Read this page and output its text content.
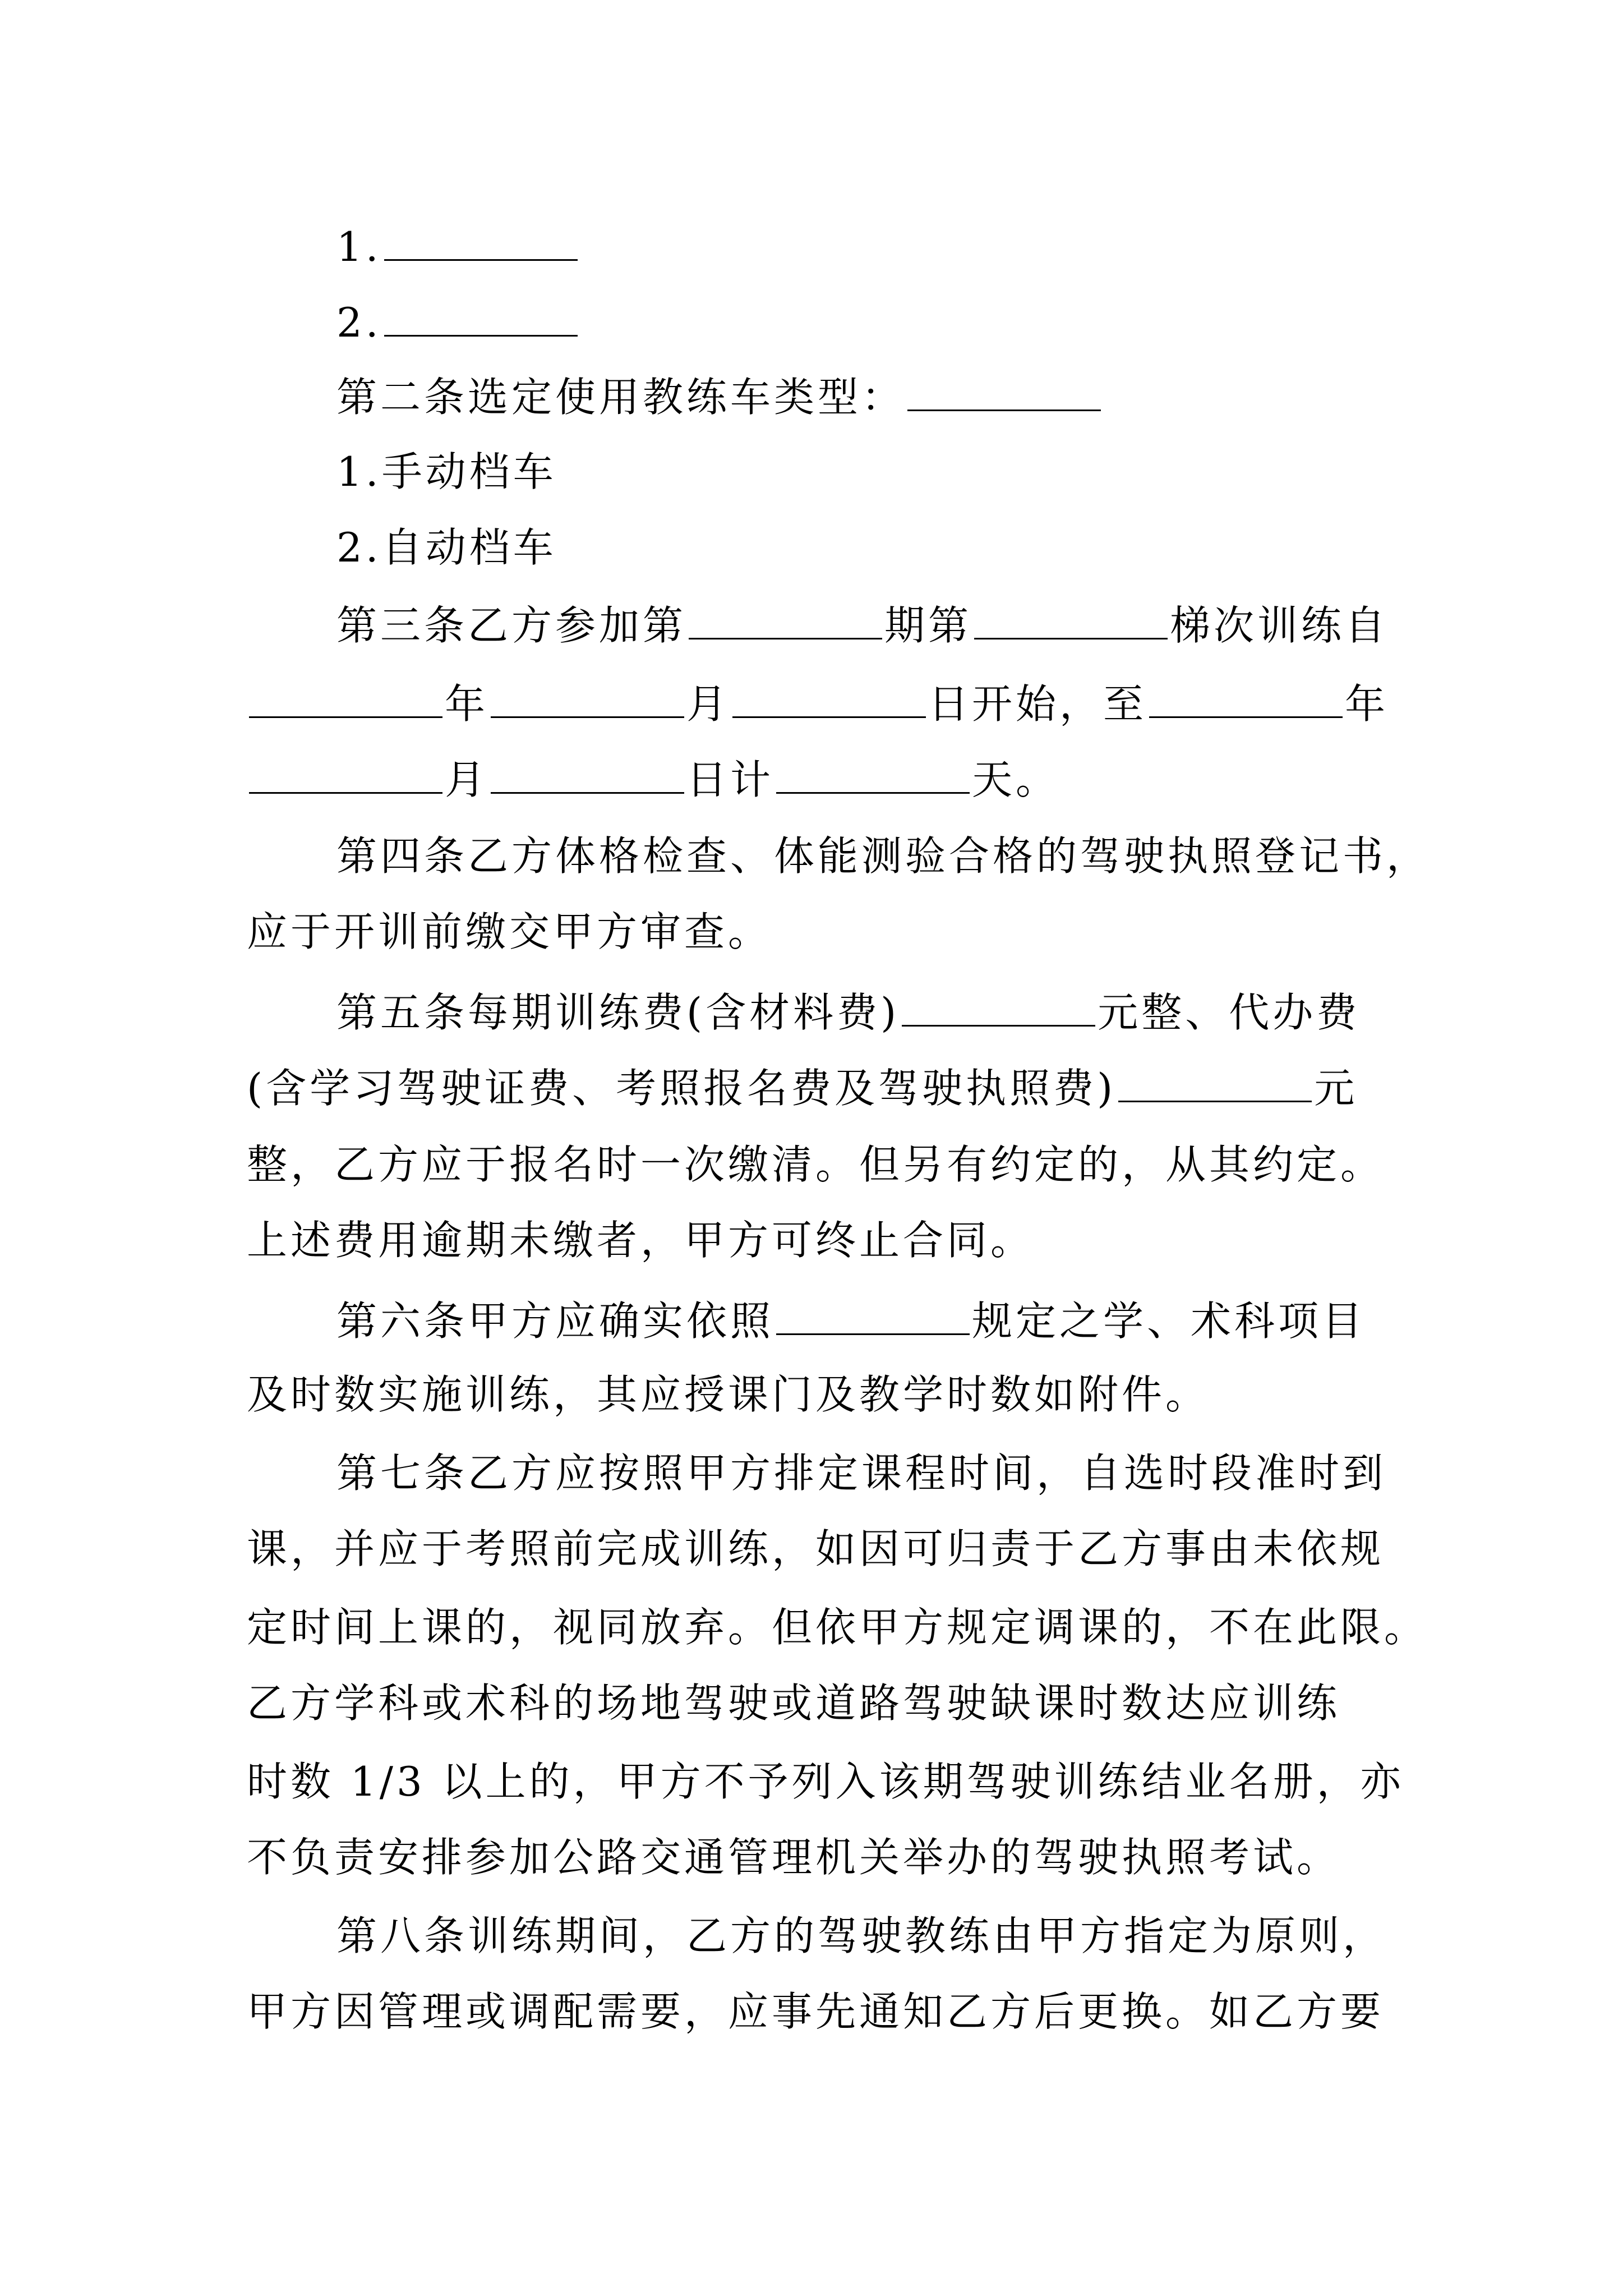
1.
2.
第二条选定使用教练车类型：
1.手动档车
2.自动档车
第三条乙方参加第	期第	梯次训练自
年	月	日开始，至	年
月	日计	天。
第四条乙方体格检查、体能测验合格的驾驶执照登记书，
应于开训前缴交甲方审查。
第五条每期训练费(含材料费)	元整、代办费
(含学习驾驶证费、考照报名费及驾驶执照费)	元
整，乙方应于报名时一次缴清。但另有约定的，从其约定。
上述费用逾期未缴者，甲方可终止合同。
第六条甲方应确实依照	规定之学、术科项目
及时数实施训练，其应授课门及教学时数如附件。
第七条乙方应按照甲方排定课程时间，自选时段准时到
课，并应于考照前完成训练，如因可归责于乙方事由未依规
定时间上课的，视同放弃。但依甲方规定调课的，不在此限。
乙方学科或术科的场地驾驶或道路驾驶缺课时数达应训练
时数 1/3 以上的，甲方不予列入该期驾驶训练结业名册，亦
不负责安排参加公路交通管理机关举办的驾驶执照考试。
第八条训练期间，乙方的驾驶教练由甲方指定为原则，
甲方因管理或调配需要，应事先通知乙方后更换。如乙方要
